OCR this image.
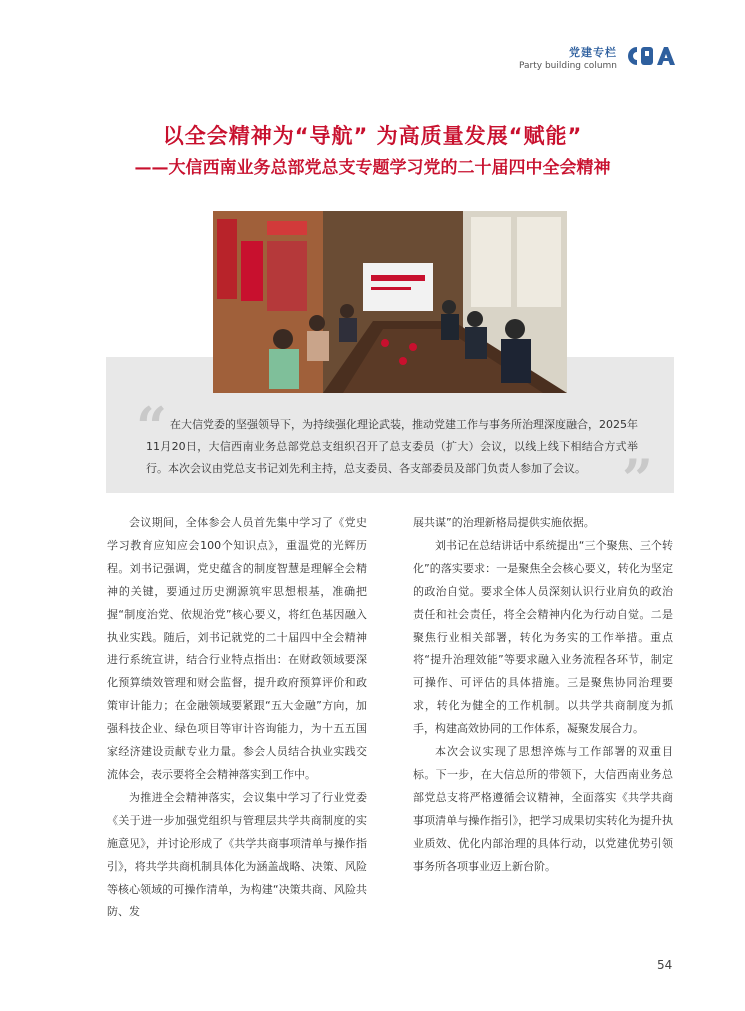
党建专栏
Party building column
以全会精神为“导航” 为高质量发展“赋能”
——大信西南业务总部党总支专题学习党的二十届四中全会精神
“ 在大信党委的坚强领导下，为持续强化理论武装，推动党建工作与事务所治理深度融合，2025年11月20日，大信西南业务总部党总支组织召开了总支委员（扩大）会议，以线上线下相结合方式举行。本次会议由党总支书记刘先利主持，总支委员、各支部委员及部门负责人参加了会议。 ”

会议期间，全体参会人员首先集中学习了《党史学习教育应知应会100个知识点》，重温党的光辉历程。刘书记强调，党史蕴含的制度智慧是理解全会精神的关键，要通过历史溯源筑牢思想根基，准确把握“制度治党、依规治党”核心要义，将红色基因融入执业实践。随后，刘书记就党的二十届四中全会精神进行系统宣讲，结合行业特点指出：在财政领域要深化预算绩效管理和财会监督，提升政府预算评价和政策审计能力；在金融领域要紧跟“五大金融”方向，加强科技企业、绿色项目等审计咨询能力，为十五五国家经济建设贡献专业力量。参会人员结合执业实践交流体会，表示要将全会精神落实到工作中。

为推进全会精神落实，会议集中学习了行业党委《关于进一步加强党组织与管理层共学共商制度的实施意见》，并讨论形成了《共学共商事项清单与操作指引》，将共学共商机制具体化为涵盖战略、决策、风险等核心领域的可操作清单，为构建“决策共商、风险共防、发

展共谋”的治理新格局提供实施依据。

刘书记在总结讲话中系统提出“三个聚焦、三个转化”的落实要求：一是聚焦全会核心要义，转化为坚定的政治自觉。要求全体人员深刻认识行业肩负的政治责任和社会责任，将全会精神内化为行动自觉。二是聚焦行业相关部署，转化为务实的工作举措。重点将“提升治理效能”等要求融入业务流程各环节，制定可操作、可评估的具体措施。三是聚焦协同治理要求，转化为健全的工作机制。以共学共商制度为抓手，构建高效协同的工作体系，凝聚发展合力。

本次会议实现了思想淬炼与工作部署的双重目标。下一步，在大信总所的带领下，大信西南业务总部党总支将严格遵循会议精神，全面落实《共学共商事项清单与操作指引》，把学习成果切实转化为提升执业质效、优化内部治理的具体行动，以党建优势引领事务所各项事业迈上新台阶。

54
